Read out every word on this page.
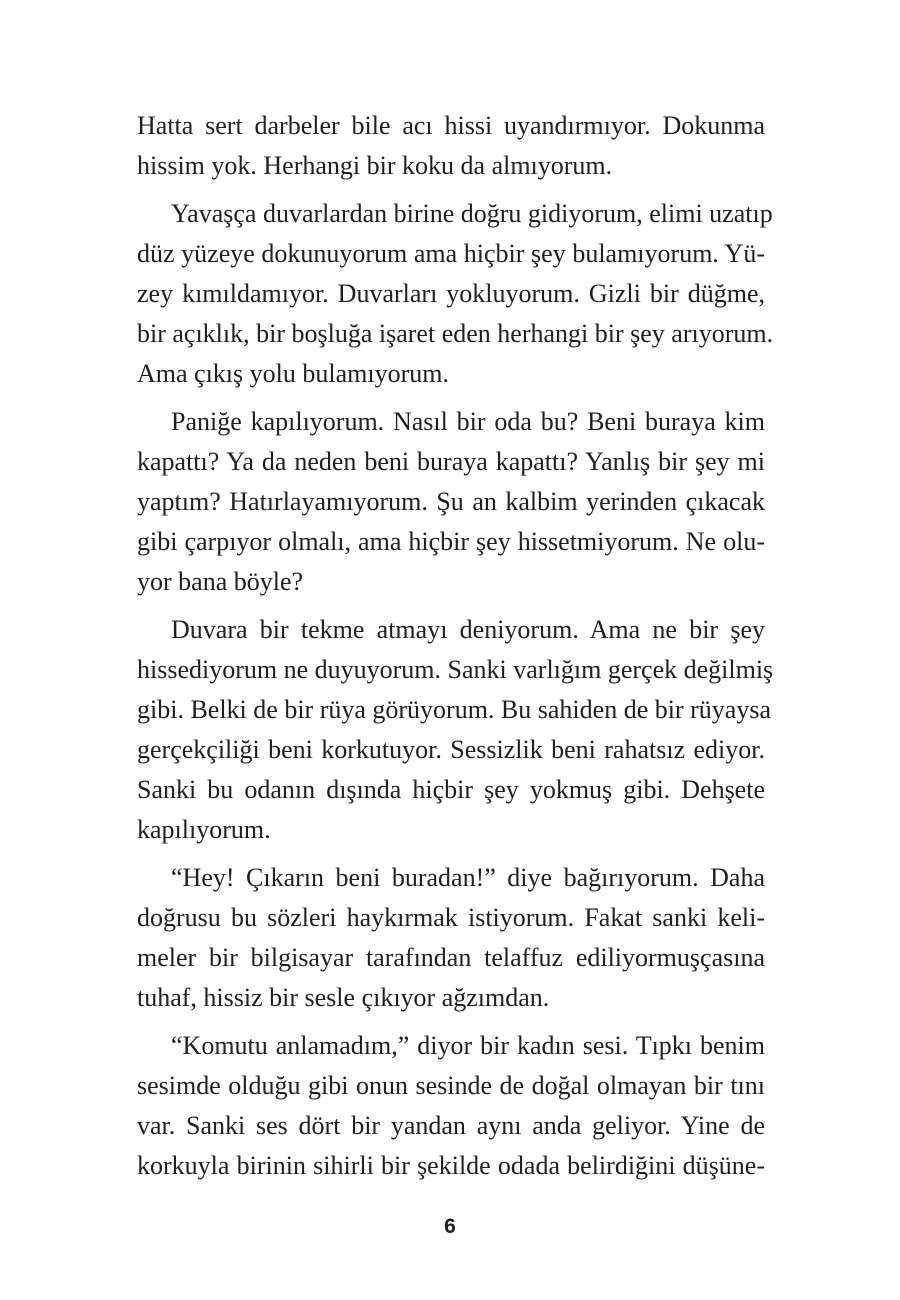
Hatta sert darbeler bile acı hissi uyandırmıyor. Dokunma
hissim yok. Herhangi bir koku da almıyorum.

Yavaşça duvarlardan birine doğru gidiyorum, elimi uzatıp
düz yüzeye dokunuyorum ama hiçbir şey bulamıyorum. Yü-
zey kımıldamıyor. Duvarları yokluyorum. Gizli bir düğme,
bir açıklık, bir boşluğa işaret eden herhangi bir şey arıyorum.
Ama çıkış yolu bulamıyorum.

Paniğe kapılıyorum. Nasıl bir oda bu? Beni buraya kim
kapattı? Ya da neden beni buraya kapattı? Yanlış bir şey mi
yaptım? Hatırlayamıyorum. Şu an kalbim yerinden çıkacak
gibi çarpıyor olmalı, ama hiçbir şey hissetmiyorum. Ne olu-
yor bana böyle?

Duvara bir tekme atmayı deniyorum. Ama ne bir şey
hissediyorum ne duyuyorum. Sanki varlığım gerçek değilmiş
gibi. Belki de bir rüya görüyorum. Bu sahiden de bir rüyaysa
gerçekçiliği beni korkutuyor. Sessizlik beni rahatsız ediyor.
Sanki bu odanın dışında hiçbir şey yokmuş gibi. Dehşete
kapılıyorum.

“Hey! Çıkarın beni buradan!” diye bağırıyorum. Daha
doğrusu bu sözleri haykırmak istiyorum. Fakat sanki keli-
meler bir bilgisayar tarafından telaffuz ediliyormuşçasına
tuhaf, hissiz bir sesle çıkıyor ağzımdan.

“Komutu anlamadım,” diyor bir kadın sesi. Tıpkı benim
sesimde olduğu gibi onun sesinde de doğal olmayan bir tını
var. Sanki ses dört bir yandan aynı anda geliyor. Yine de
korkuyla birinin sihirli bir şekilde odada belirdiğini düşüne-

6
